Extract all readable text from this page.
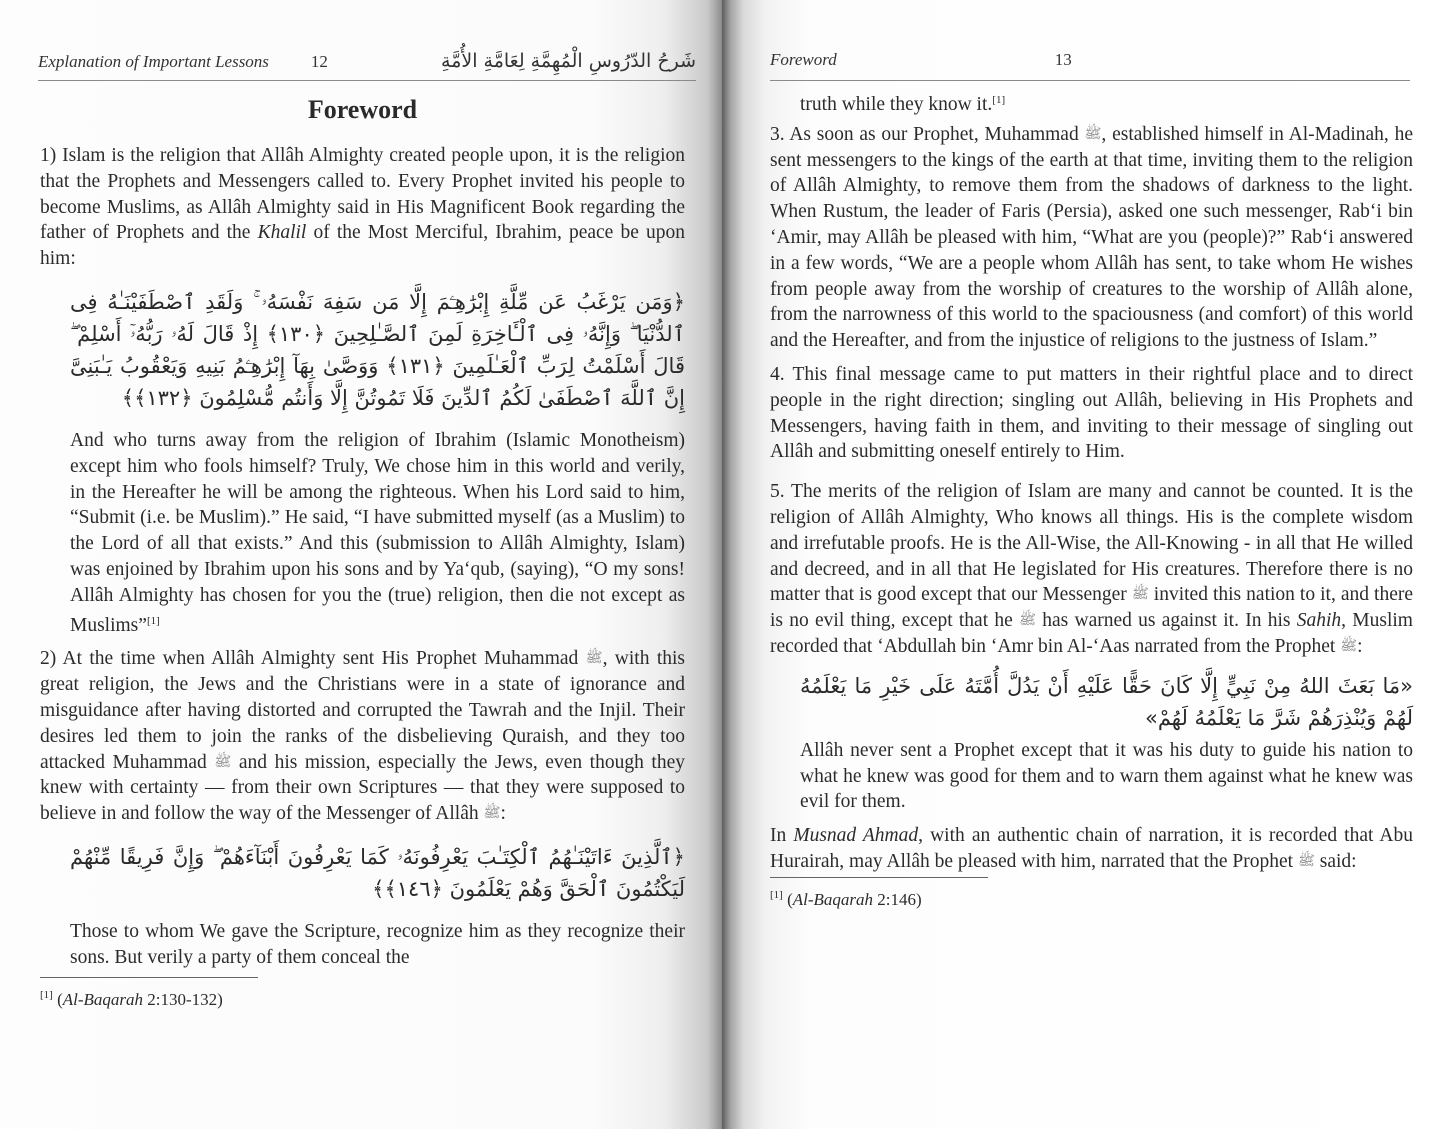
Explanation of Important Lessons 12	شَرحُ الدّرُوسِ الْمُهِمَّةِ لِعَامَّةِ الأُمَّةِ
Foreword

1) Islam is the religion that Allâh Almighty created people upon, it is the religion that the Prophets and Messengers called to. Every Prophet invited his people to become Muslims, as Allâh Almighty said in His Magnificent Book regarding the father of Prophets and the Khalil of the Most Merciful, Ibrahim, peace be upon him:

﴿وَمَن يَرْغَبُ عَن مِّلَّةِ إِبْرَٰهِـۧمَ إِلَّا مَن سَفِهَ نَفْسَهُۥ ۚ وَلَقَدِ ٱصْطَفَيْنَـٰهُ فِى ٱلدُّنْيَا ۖ وَإِنَّهُۥ فِى ٱلْـَٔاخِرَةِ لَمِنَ ٱلصَّـٰلِحِينَ ﴿١٣٠﴾ إِذْ قَالَ لَهُۥ رَبُّهُۥٓ أَسْلِمْ ۖ قَالَ أَسْلَمْتُ لِرَبِّ ٱلْعَـٰلَمِينَ ﴿١٣١﴾ وَوَصَّىٰ بِهَآ إِبْرَٰهِـۧمُ بَنِيهِ وَيَعْقُوبُ يَـٰبَنِىَّ إِنَّ ٱللَّهَ ٱصْطَفَىٰ لَكُمُ ٱلدِّينَ فَلَا تَمُوتُنَّ إِلَّا وَأَنتُم مُّسْلِمُونَ ﴿١٣٢﴾﴾

And who turns away from the religion of Ibrahim (Islamic Monotheism) except him who fools himself? Truly, We chose him in this world and verily, in the Hereafter he will be among the righteous. When his Lord said to him, “Submit (i.e. be Muslim).” He said, “I have submitted myself (as a Muslim) to the Lord of all that exists.” And this (submission to Allâh Almighty, Islam) was enjoined by Ibrahim upon his sons and by Ya‘qub, (saying), “O my sons! Allâh Almighty has chosen for you the (true) religion, then die not except as Muslims”[1]

2) At the time when Allâh Almighty sent His Prophet Muhammad ﷺ, with this great religion, the Jews and the Christians were in a state of ignorance and misguidance after having distorted and corrupted the Tawrah and the Injil. Their desires led them to join the ranks of the disbelieving Quraish, and they too attacked Muhammad ﷺ and his mission, especially the Jews, even though they knew with certainty — from their own Scriptures — that they were supposed to believe in and follow the way of the Messenger of Allâh ﷺ:

﴿ٱلَّذِينَ ءَاتَيْنَـٰهُمُ ٱلْكِتَـٰبَ يَعْرِفُونَهُۥ كَمَا يَعْرِفُونَ أَبْنَآءَهُمْ ۖ وَإِنَّ فَرِيقًا مِّنْهُمْ لَيَكْتُمُونَ ٱلْحَقَّ وَهُمْ يَعْلَمُونَ ﴿١٤٦﴾﴾

Those to whom We gave the Scripture, recognize him as they recognize their sons. But verily a party of them conceal the

[1] (Al-Baqarah 2:130-132)
Foreword	13

truth while they know it.[1]

3. As soon as our Prophet, Muhammad ﷺ, established himself in Al-Madinah, he sent messengers to the kings of the earth at that time, inviting them to the religion of Allâh Almighty, to remove them from the shadows of darkness to the light. When Rustum, the leader of Faris (Persia), asked one such messenger, Rab‘i bin ‘Amir, may Allâh be pleased with him, “What are you (people)?” Rab‘i answered in a few words, “We are a people whom Allâh has sent, to take whom He wishes from people away from the worship of creatures to the worship of Allâh alone, from the narrowness of this world to the spaciousness (and comfort) of this world and the Hereafter, and from the injustice of religions to the justness of Islam.”

4. This final message came to put matters in their rightful place and to direct people in the right direction; singling out Allâh, believing in His Prophets and Messengers, having faith in them, and inviting to their message of singling out Allâh and submitting oneself entirely to Him.

5. The merits of the religion of Islam are many and cannot be counted. It is the religion of Allâh Almighty, Who knows all things. His is the complete wisdom and irrefutable proofs. He is the All-Wise, the All-Knowing - in all that He willed and decreed, and in all that He legislated for His creatures. Therefore there is no matter that is good except that our Messenger ﷺ invited this nation to it, and there is no evil thing, except that he ﷺ has warned us against it. In his Sahih, Muslim recorded that ‘Abdullah bin ‘Amr bin Al-‘Aas narrated from the Prophet ﷺ:

«مَا بَعَثَ اللهُ مِنْ نَبِيٍّ إِلَّا كَانَ حَقًّا عَلَيْهِ أَنْ يَدُلَّ أُمَّتَهُ عَلَى خَيْرِ مَا يَعْلَمُهُ لَهُمْ وَيُنْذِرَهُمْ شَرَّ مَا يَعْلَمُهُ لَهُمْ»

Allâh never sent a Prophet except that it was his duty to guide his nation to what he knew was good for them and to warn them against what he knew was evil for them.

In Musnad Ahmad, with an authentic chain of narration, it is recorded that Abu Hurairah, may Allâh be pleased with him, narrated that the Prophet ﷺ said:

[1] (Al-Baqarah 2:146)
